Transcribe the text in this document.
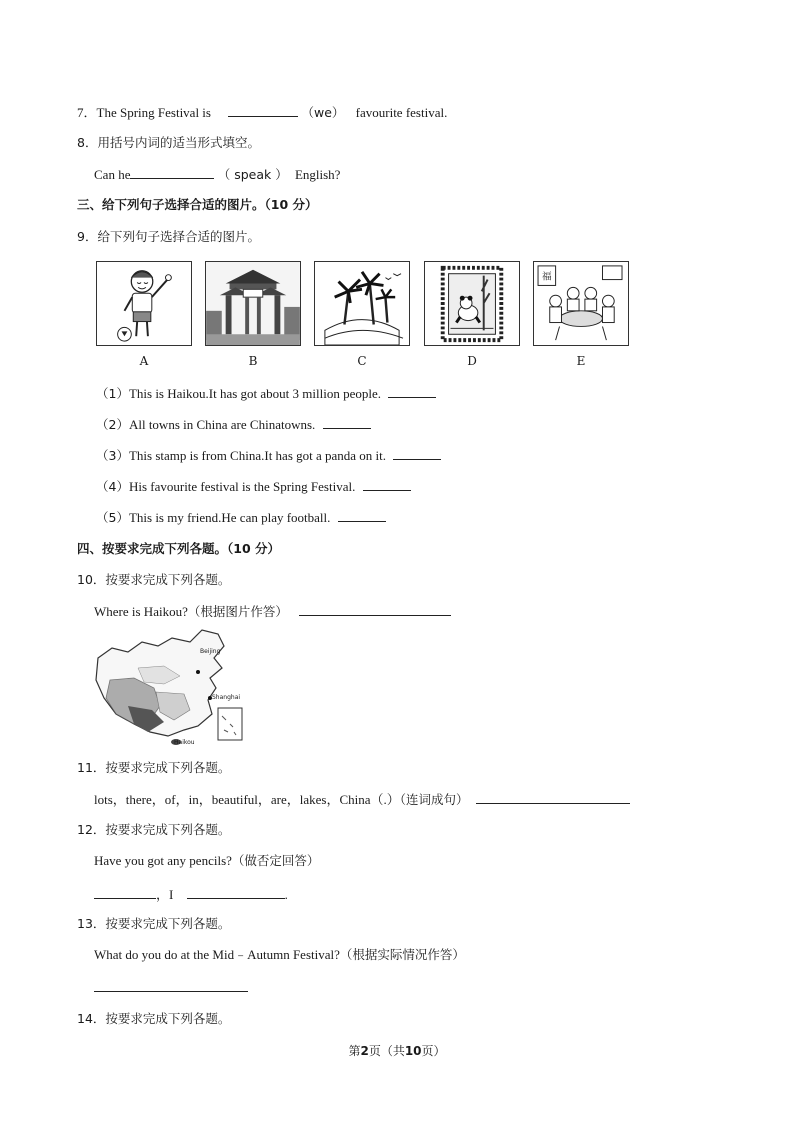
7．The Spring Festival is	（we） favourite festival.
8．用括号内词的适当形式填空。
Can he	（ speak ） English?
三、给下列句子选择合适的图片。（10 分）
9．给下列句子选择合适的图片。
福
A	B	C	D	E
（1）This is Haikou.It has got about 3 million people.
（2）All towns in China are Chinatowns.
（3）This stamp is from China.It has got a panda on it.
（4）His favourite festival is the Spring Festival.
（5）This is my friend.He can play football.
四、按要求完成下列各题。（10 分）
10．按要求完成下列各题。
Where is Haikou?（根据图片作答）
Beijing
Shanghai
Haikou
11．按要求完成下列各题。
lots，there，of，in，beautiful，are，lakes，China（.）（连词成句）
12．按要求完成下列各题。
Have you got any pencils?（做否定回答）
，I	.
13．按要求完成下列各题。
What do you do at the Mid﹣Autumn Festival?（根据实际情况作答）
14．按要求完成下列各题。
第2页（共10页）
